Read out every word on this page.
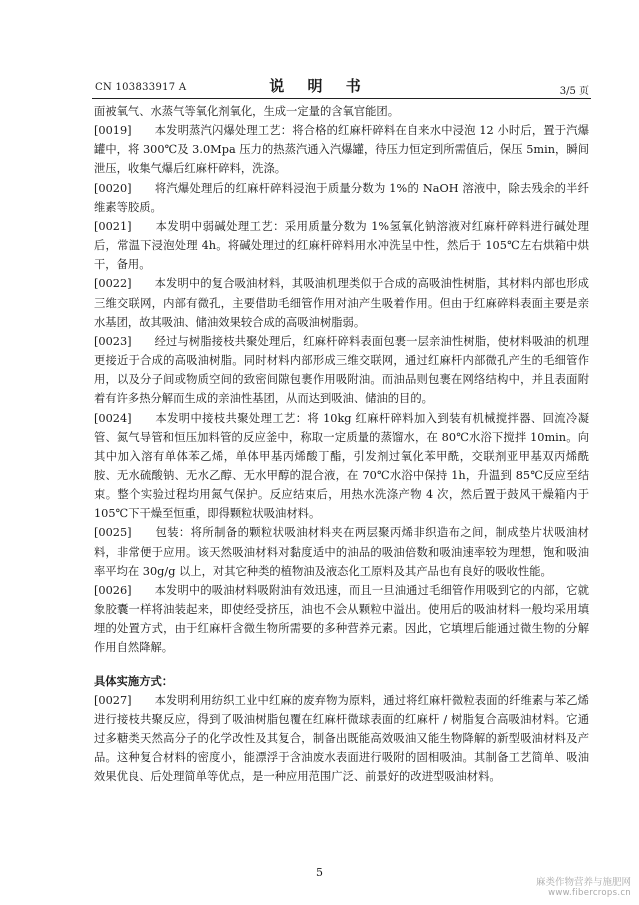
CN 103833917 A	说 明 书	3/5 页

面被氧气、水蒸气等氧化剂氧化，生成一定量的含氧官能团。

[0019]　　 本发明蒸汽闪爆处理工艺：将合格的红麻杆碎料在自来水中浸泡 12 小时后，置于汽爆罐中，将 300℃及 3.0Mpa 压力的热蒸汽通入汽爆罐，待压力恒定到所需值后，保压 5min，瞬间泄压，收集气爆后红麻杆碎料，洗涤。

[0020]　　 将汽爆处理后的红麻杆碎料浸泡于质量分数为 1%的 NaOH 溶液中，除去残余的半纤维素等胶质。

[0021]　　 本发明中弱碱处理工艺：采用质量分数为 1%氢氧化钠溶液对红麻杆碎料进行碱处理后，常温下浸泡处理 4h。将碱处理过的红麻杆碎料用水冲洗呈中性，然后于 105℃左右烘箱中烘干，备用。

[0022]　　 本发明中的复合吸油材料，其吸油机理类似于合成的高吸油性树脂，其材料内部也形成三维交联网，内部有微孔，主要借助毛细管作用对油产生吸着作用。但由于红麻碎料表面主要是亲水基团，故其吸油、储油效果较合成的高吸油树脂弱。

[0023]　　 经过与树脂接枝共聚处理后，红麻杆碎料表面包裹一层亲油性树脂，使材料吸油的机理更接近于合成的高吸油树脂。同时材料内部形成三维交联网，通过红麻杆内部微孔产生的毛细管作用，以及分子间或物质空间的致密间隙包裹作用吸附油。而油品则包裹在网络结构中，并且表面附着有许多热分解而生成的亲油性基团，从而达到吸油、储油的目的。

[0024]　　 本发明中接枝共聚处理工艺：将 10kg 红麻杆碎料加入到装有机械搅拌器、回流冷凝管、氮气导管和恒压加料管的反应釜中，称取一定质量的蒸馏水，在 80℃水浴下搅拌 10min。向其中加入溶有单体苯乙烯，单体甲基丙烯酸丁酯，引发剂过氧化苯甲酰，交联剂亚甲基双丙烯酰胺、无水硫酸钠、无水乙醇、无水甲醇的混合液，在 70℃水浴中保持 1h，升温到 85℃反应至结束。整个实验过程均用氮气保护。反应结束后，用热水洗涤产物 4 次，然后置于鼓风干燥箱内于 105℃下干燥至恒重，即得颗粒状吸油材料。

[0025]　　 包装：将所制备的颗粒状吸油材料夹在两层聚丙烯非织造布之间，制成垫片状吸油材料，非常便于应用。该天然吸油材料对黏度适中的油品的吸油倍数和吸油速率较为理想，饱和吸油率平均在 30g/g 以上，对其它种类的植物油及液态化工原料及其产品也有良好的吸收性能。

[0026]　　 本发明中的吸油材料吸附油有效迅速，而且一旦油通过毛细管作用吸到它的内部，它就象胶囊一样将油装起来，即使经受挤压，油也不会从颗粒中溢出。使用后的吸油材料一般均采用填埋的处置方式，由于红麻杆含微生物所需要的多种营养元素。因此，它填埋后能通过微生物的分解作用自然降解。

具体实施方式：

[0027]　　 本发明利用纺织工业中红麻的废弃物为原料，通过将红麻杆微粒表面的纤维素与苯乙烯进行接枝共聚反应，得到了吸油树脂包覆在红麻杆微球表面的红麻杆 / 树脂复合高吸油材料。它通过多糖类天然高分子的化学改性及其复合，制备出既能高效吸油又能生物降解的新型吸油材料及产品。这种复合材料的密度小，能漂浮于含油废水表面进行吸附的固相吸油。其制备工艺简单、吸油效果优良、后处理简单等优点，是一种应用范围广泛、前景好的改进型吸油材料。

5
麻类作物营养与施肥网
www.fibercrops.cn
